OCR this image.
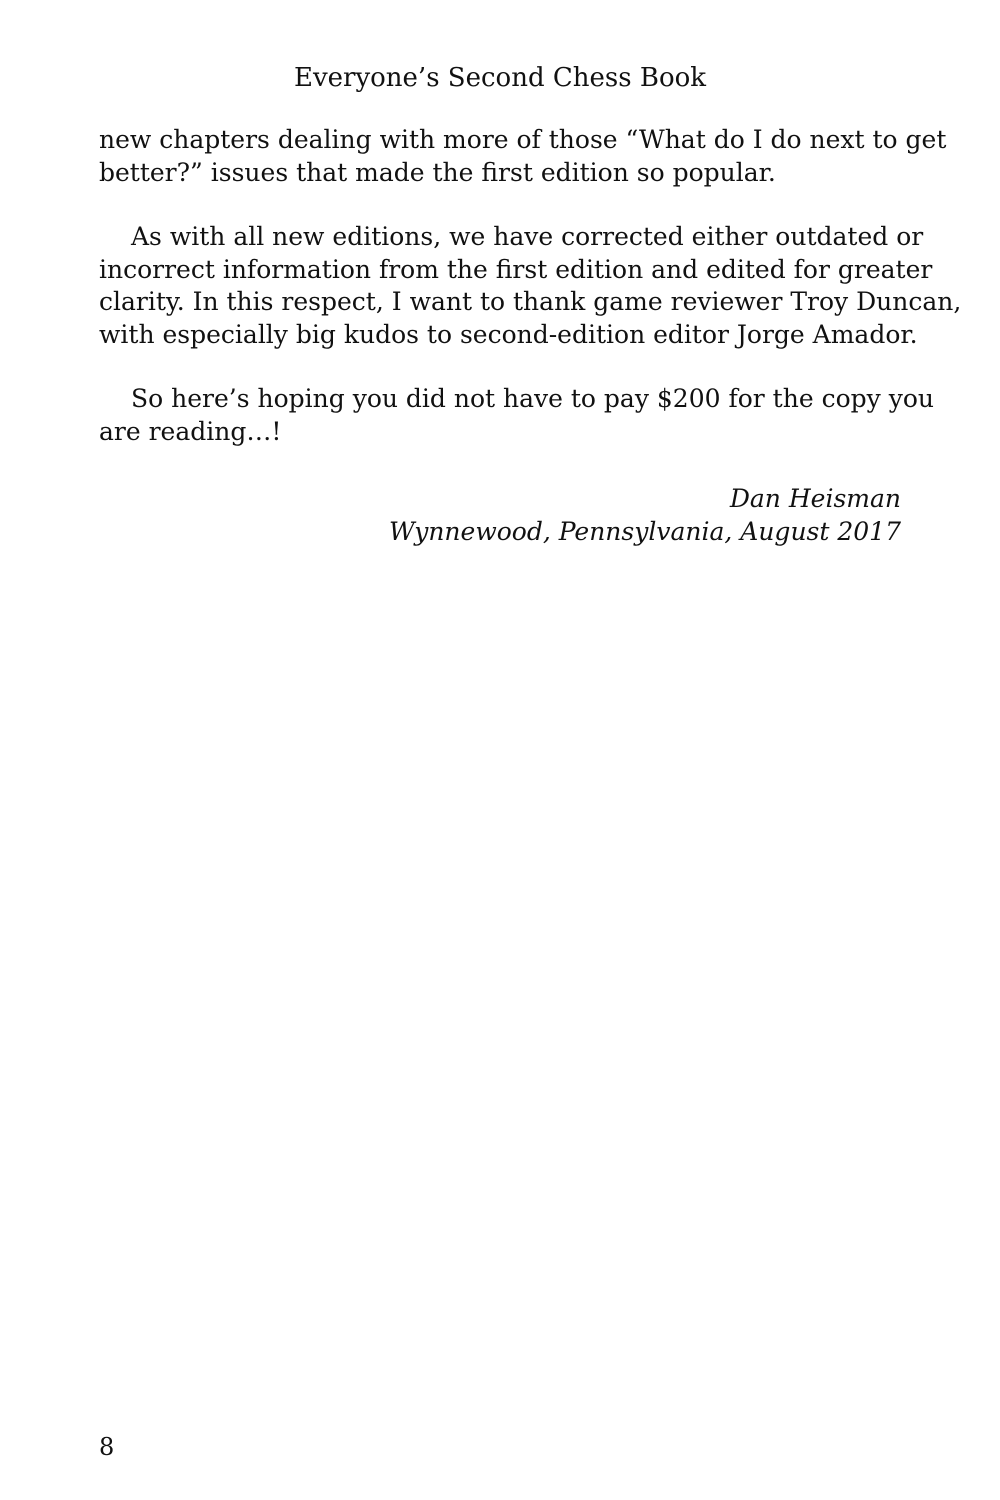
Everyone’s Second Chess Book
new chapters dealing with more of those “What do I do next to get
better?” issues that made the first edition so popular.
As with all new editions, we have corrected either outdated or
incorrect information from the first edition and edited for greater
clarity. In this respect, I want to thank game reviewer Troy Duncan,
with especially big kudos to second-edition editor Jorge Amador.
So here’s hoping you did not have to pay $200 for the copy you
are reading…!
Dan Heisman
Wynnewood, Pennsylvania, August 2017
8
